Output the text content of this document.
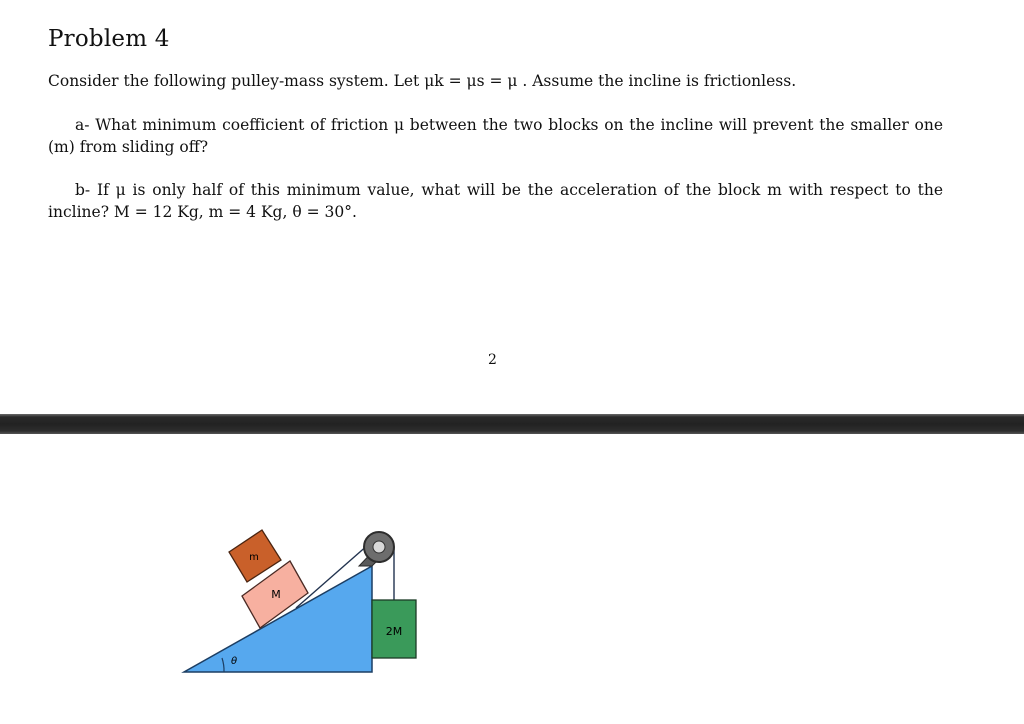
Problem 4

Consider the following pulley-mass system. Let μk = μs = μ . Assume the incline is frictionless.

a- What minimum coefficient of friction μ between the two blocks on the incline will prevent the smaller one (m) from sliding off?

b- If μ is only half of this minimum value, what will be the acceleration of the block m with respect to the incline? M = 12 Kg, m = 4 Kg, θ = 30°.

2
M
m
2M
θ
